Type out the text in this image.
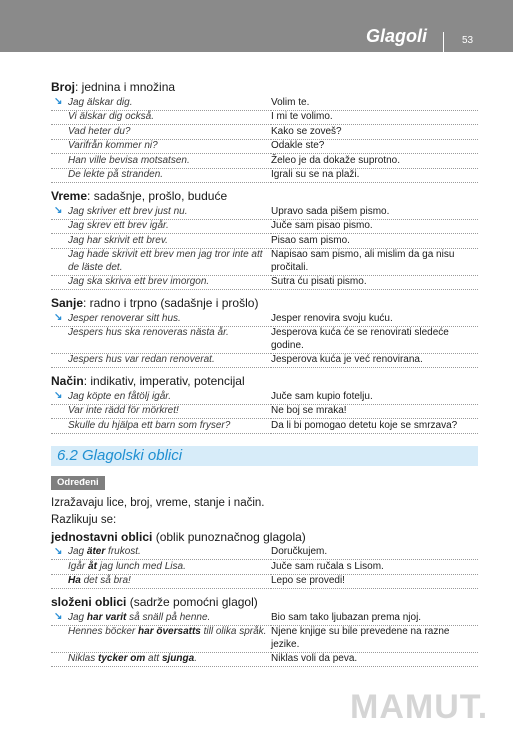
Glagoli	53
Broj: jednina i množina
↘ Jag älskar dig.	Volim te.
Vi älskar dig också.	I mi te volimo.
Vad heter du?	Kako se zoveš?
Varifrån kommer ni?	Odakle ste?
Han ville bevisa motsatsen.	Želeo je da dokaže suprotno.
De lekte på stranden.	Igrali su se na plaži.
Vreme: sadašnje, prošlo, buduće
↘ Jag skriver ett brev just nu.	Upravo sada pišem pismo.
Jag skrev ett brev igår.	Juče sam pisao pismo.
Jag har skrivit ett brev.	Pisao sam pismo.
Jag hade skrivit ett brev men jag tror inte att de läste det.	Napisao sam pismo, ali mislim da ga nisu pročitali.
Jag ska skriva ett brev imorgon.	Sutra ću pisati pismo.
Sanje: radno i trpno (sadašnje i prošlo)
↘ Jesper renoverar sitt hus.	Jesper renovira svoju kuću.
Jespers hus ska renoveras nästa år.	Jesperova kuća će se renovirati sledeće godine.
Jespers hus var redan renoverat.	Jesperova kuća je već renovirana.
Način: indikativ, imperativ, potencijal
↘ Jag köpte en fåtölj igår.	Juče sam kupio fotelju.
Var inte rädd för mörkret!	Ne boj se mraka!
Skulle du hjälpa ett barn som fryser?	Da li bi pomogao detetu koje se smrzava?
6.2 Glagolski oblici
Određeni
Izražavaju lice, broj, vreme, stanje i način.
Razlikuju se:
jednostavni oblici (oblik punoznačnog glagola)
↘ Jag äter frukost.	Doručkujem.
Igår åt jag lunch med Lisa.	Juče sam ručala s Lisom.
Ha det så bra!	Lepo se provedi!
složeni oblici (sadrže pomoćni glagol)
↘ Jag har varit så snäll på henne.	Bio sam tako ljubazan prema njoj.
Hennes böcker har översatts till olika språk.	Njene knjige su bile prevedene na razne jezike.
Niklas tycker om att sjunga.	Niklas voli da peva.
MAMUT.
